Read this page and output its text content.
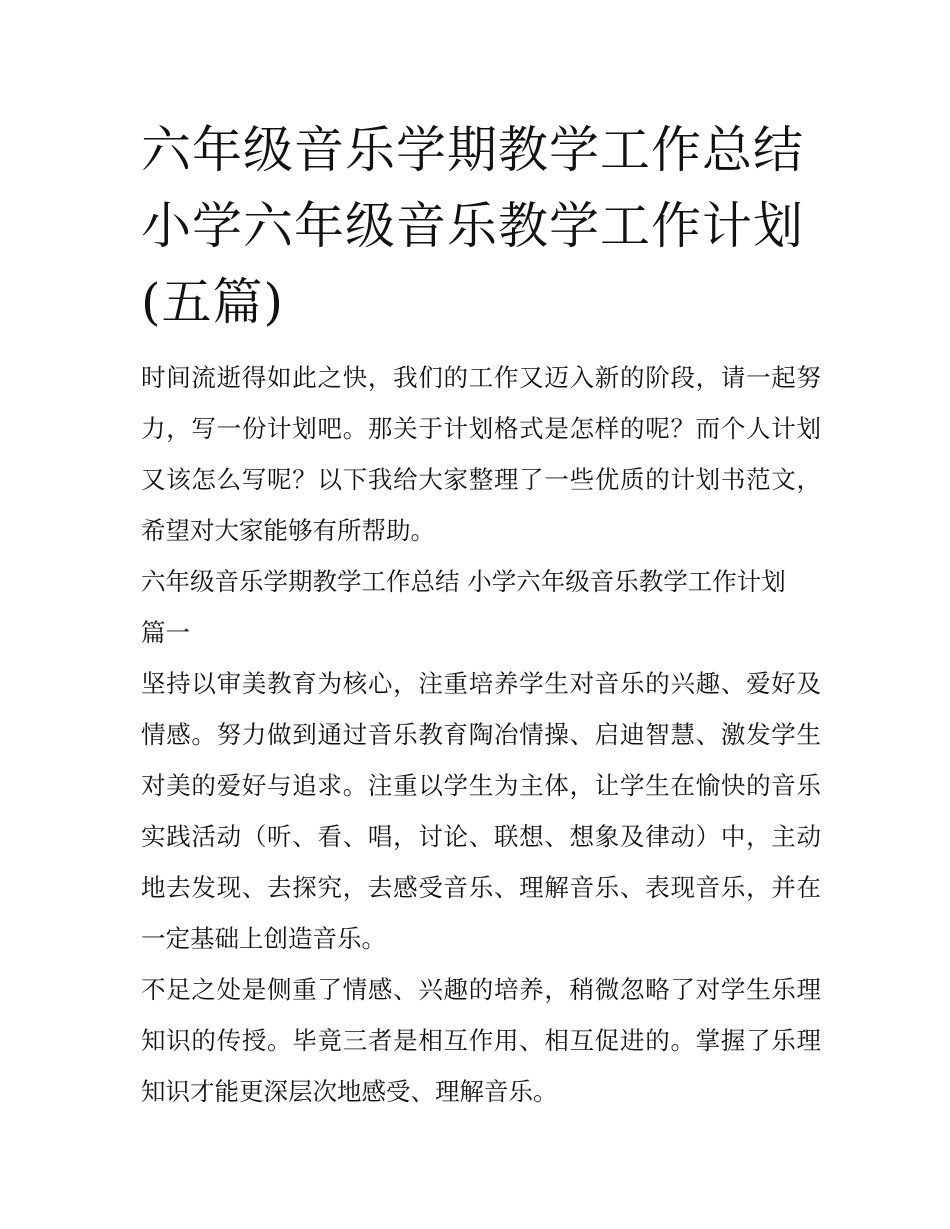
六年级音乐学期教学工作总结
小学六年级音乐教学工作计划
(五篇)

时间流逝得如此之快，我们的工作又迈入新的阶段，请一起努力，写一份计划吧。那关于计划格式是怎样的呢？而个人计划又该怎么写呢？以下我给大家整理了一些优质的计划书范文，希望对大家能够有所帮助。

六年级音乐学期教学工作总结 小学六年级音乐教学工作计划
篇一

坚持以审美教育为核心，注重培养学生对音乐的兴趣、爱好及情感。努力做到通过音乐教育陶冶情操、启迪智慧、激发学生对美的爱好与追求。注重以学生为主体，让学生在愉快的音乐实践活动（听、看、唱，讨论、联想、想象及律动）中，主动地去发现、去探究，去感受音乐、理解音乐、表现音乐，并在一定基础上创造音乐。

不足之处是侧重了情感、兴趣的培养，稍微忽略了对学生乐理知识的传授。毕竟三者是相互作用、相互促进的。掌握了乐理知识才能更深层次地感受、理解音乐。
